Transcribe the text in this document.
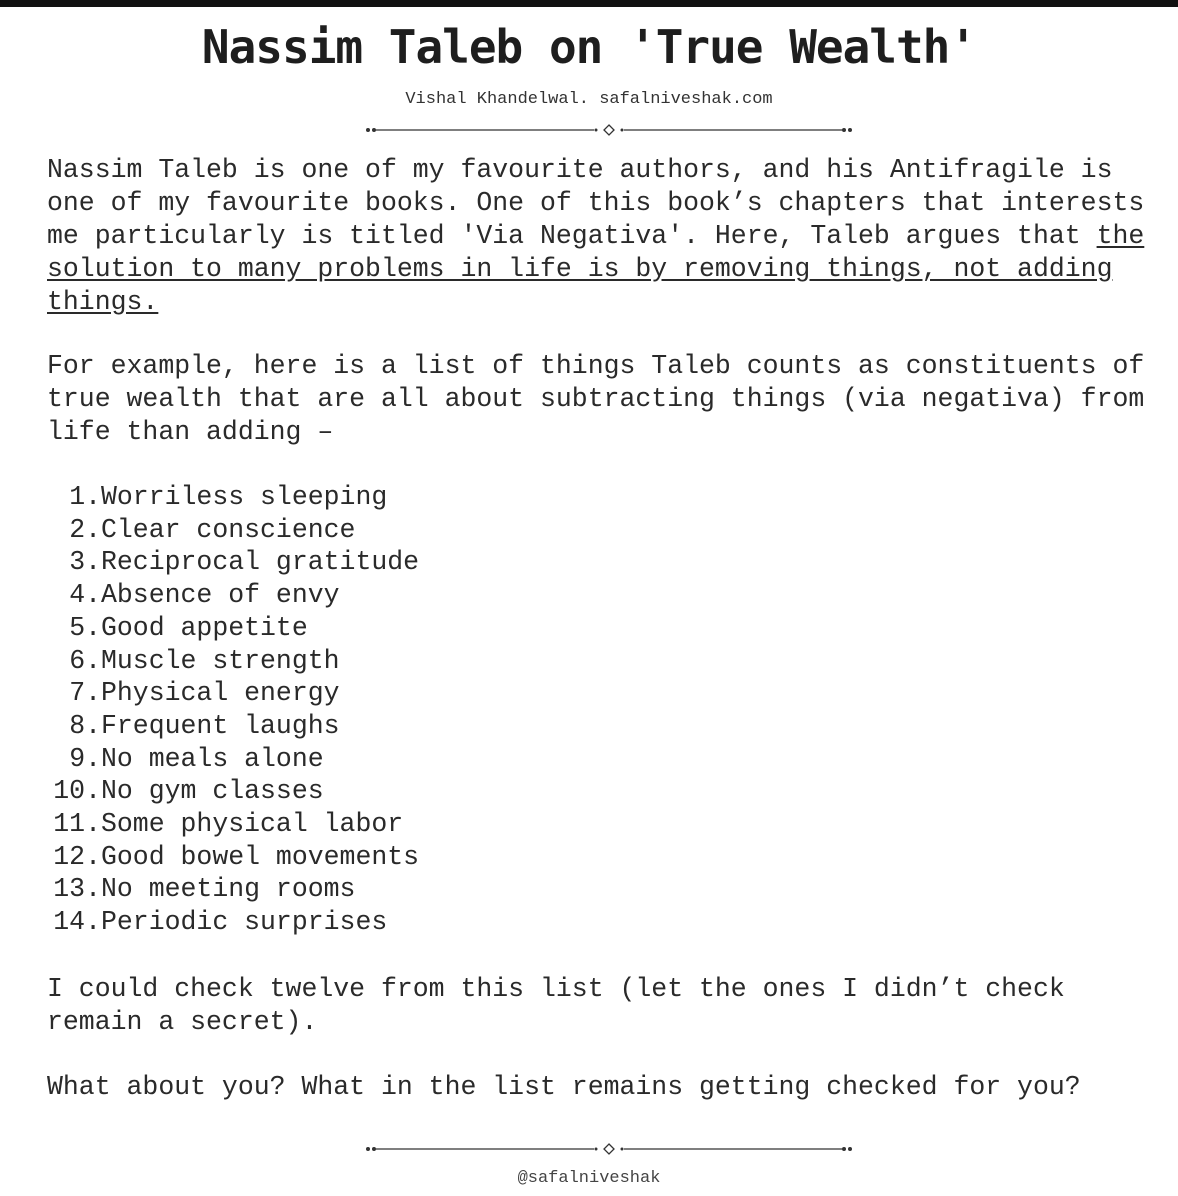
Nassim Taleb on 'True Wealth'
Vishal Khandelwal. safalniveshak.com

Nassim Taleb is one of my favourite authors, and his Antifragile is
one of my favourite books. One of this book’s chapters that interests
me particularly is titled 'Via Negativa'. Here, Taleb argues that the
solution to many problems in life is by removing things, not adding
things.

For example, here is a list of things Taleb counts as constituents of
true wealth that are all about subtracting things (via negativa) from
life than adding –

1. Worriless sleeping
2. Clear conscience
3. Reciprocal gratitude
4. Absence of envy
5. Good appetite
6. Muscle strength
7. Physical energy
8. Frequent laughs
9. No meals alone
10. No gym classes
11. Some physical labor
12. Good bowel movements
13. No meeting rooms
14. Periodic surprises

I could check twelve from this list (let the ones I didn’t check
remain a secret).

What about you? What in the list remains getting checked for you?

@safalniveshak
